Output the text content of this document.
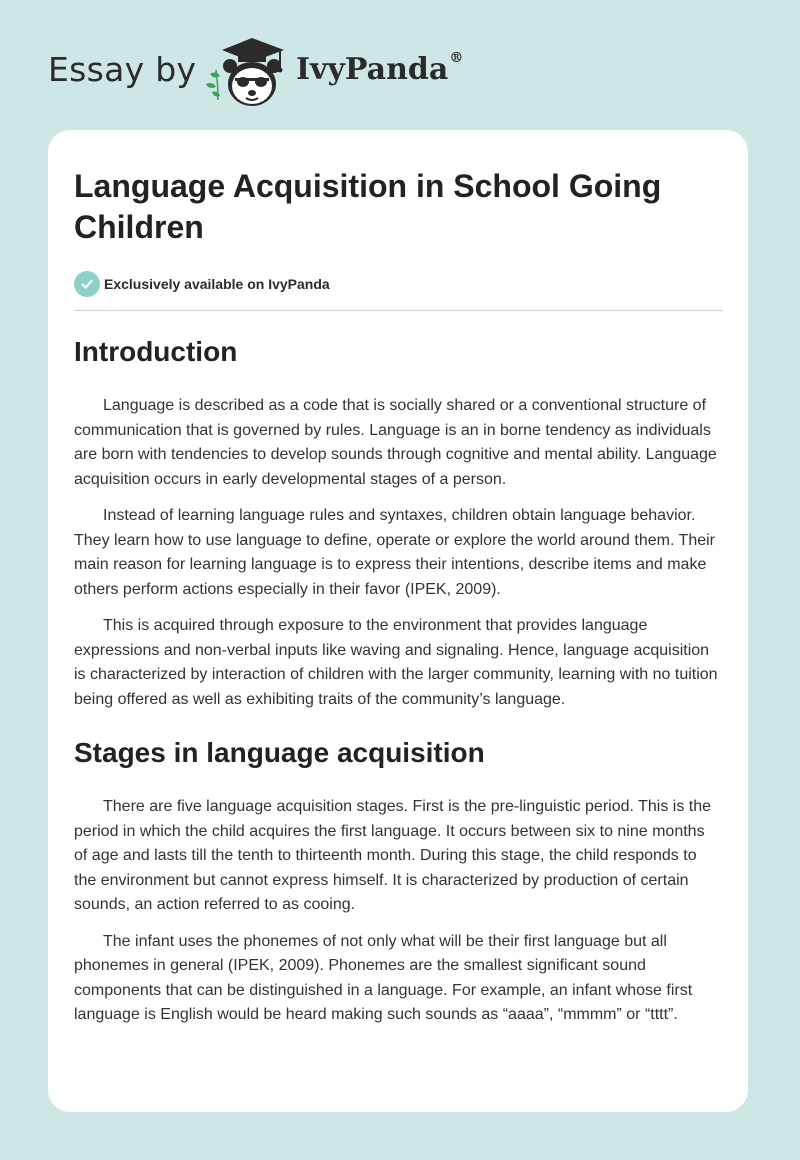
Essay by	IvyPanda®
Language Acquisition in School Going Children
Exclusively available on IvyPanda
Introduction

Language is described as a code that is socially shared or a conventional structure of communication that is governed by rules. Language is an in borne tendency as individuals are born with tendencies to develop sounds through cognitive and mental ability. Language acquisition occurs in early developmental stages of a person.

Instead of learning language rules and syntaxes, children obtain language behavior. They learn how to use language to define, operate or explore the world around them. Their main reason for learning language is to express their intentions, describe items and make others perform actions especially in their favor (IPEK, 2009).

This is acquired through exposure to the environment that provides language expressions and non-verbal inputs like waving and signaling. Hence, language acquisition is characterized by interaction of children with the larger community, learning with no tuition being offered as well as exhibiting traits of the community’s language.

Stages in language acquisition

There are five language acquisition stages. First is the pre-linguistic period. This is the period in which the child acquires the first language. It occurs between six to nine months of age and lasts till the tenth to thirteenth month. During this stage, the child responds to the environment but cannot express himself. It is characterized by production of certain sounds, an action referred to as cooing.

The infant uses the phonemes of not only what will be their first language but all phonemes in general (IPEK, 2009). Phonemes are the smallest significant sound components that can be distinguished in a language. For example, an infant whose first language is English would be heard making such sounds as “aaaa”, “mmmm” or “tttt”.
